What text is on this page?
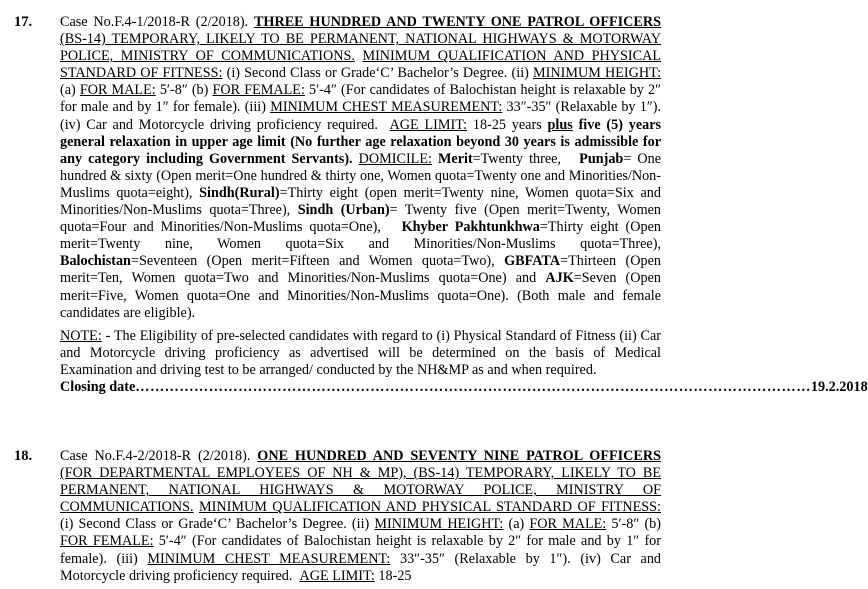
17. Case No.F.4-1/2018-R (2/2018). THREE HUNDRED AND TWENTY ONE PATROL OFFICERS (BS-14) TEMPORARY, LIKELY TO BE PERMANENT, NATIONAL HIGHWAYS & MOTORWAY POLICE, MINISTRY OF COMMUNICATIONS. MINIMUM QUALIFICATION AND PHYSICAL STANDARD OF FITNESS: (i) Second Class or Grade‘C’ Bachelor’s Degree. (ii) MINIMUM HEIGHT: (a) FOR MALE: 5′-8″ (b) FOR FEMALE: 5′-4″ (For candidates of Balochistan height is relaxable by 2″ for male and by 1″ for female). (iii) MINIMUM CHEST MEASUREMENT: 33″-35″ (Relaxable by 1″). (iv) Car and Motorcycle driving proficiency required. AGE LIMIT: 18-25 years plus five (5) years general relaxation in upper age limit (No further age relaxation beyond 30 years is admissible for any category including Government Servants). DOMICILE: Merit=Twenty three, Punjab= One hundred & sixty (Open merit=One hundred & thirty one, Women quota=Twenty one and Minorities/Non-Muslims quota=eight), Sindh(Rural)=Thirty eight (open merit=Twenty nine, Women quota=Six and Minorities/Non-Muslims quota=Three), Sindh (Urban)= Twenty five (Open merit=Twenty, Women quota=Four and Minorities/Non-Muslims quota=One), Khyber Pakhtunkhwa=Thirty eight (Open merit=Twenty nine, Women quota=Six and Minorities/Non-Muslims quota=Three), Balochistan=Seventeen (Open merit=Fifteen and Women quota=Two), GBFATA=Thirteen (Open merit=Ten, Women quota=Two and Minorities/Non-Muslims quota=One) and AJK=Seven (Open merit=Five, Women quota=One and Minorities/Non-Muslims quota=One). (Both male and female candidates are eligible).

NOTE: - The Eligibility of pre-selected candidates with regard to (i) Physical Standard of Fitness (ii) Car and Motorcycle driving proficiency as advertised will be determined on the basis of Medical Examination and driving test to be arranged/ conducted by the NH&MP as and when required.

Closing date ………………………………………………………………………………………………………………………… 19.2.2018
18. Case No.F.4-2/2018-R (2/2018). ONE HUNDRED AND SEVENTY NINE PATROL OFFICERS (FOR DEPARTMENTAL EMPLOYEES OF NH & MP), (BS-14) TEMPORARY, LIKELY TO BE PERMANENT, NATIONAL HIGHWAYS & MOTORWAY POLICE, MINISTRY OF COMMUNICATIONS. MINIMUM QUALIFICATION AND PHYSICAL STANDARD OF FITNESS: (i) Second Class or Grade‘C’ Bachelor’s Degree. (ii) MINIMUM HEIGHT: (a) FOR MALE: 5′-8″ (b) FOR FEMALE: 5′-4″ (For candidates of Balochistan height is relaxable by 2″ for male and by 1″ for female). (iii) MINIMUM CHEST MEASUREMENT: 33″-35″ (Relaxable by 1″). (iv) Car and Motorcycle driving proficiency required. AGE LIMIT: 18-25
